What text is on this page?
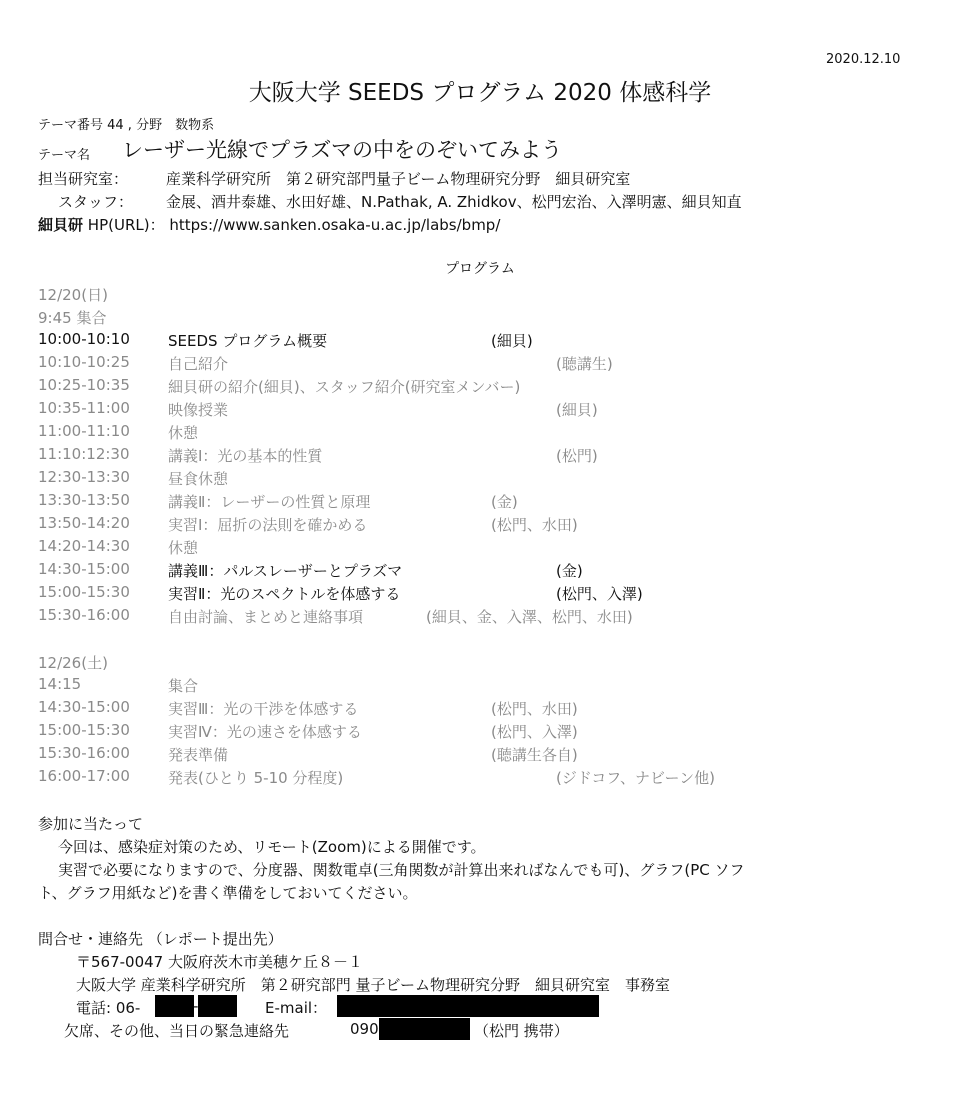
2020.12.10
大阪大学 SEEDS プログラム 2020 体感科学
テーマ番号 44 , 分野　数物系
テーマ名 レーザー光線でプラズマの中をのぞいてみよう
担当研究室：	産業科学研究所　第２研究部門量子ビーム物理研究分野　細貝研究室
スタッフ： 金展、酒井泰雄、水田好雄、N.Pathak, A. Zhidkov、松門宏治、入澤明憲、細貝知直
細貝研 HP(URL)： https://www.sanken.osaka-u.ac.jp/labs/bmp/
プログラム
12/20(日)
9:45 集合
10:00-10:10	SEEDS プログラム概要	(細貝)
10:10-10:25	自己紹介	(聴講生)
10:25-10:35	細貝研の紹介(細貝)、スタッフ紹介(研究室メンバー)
10:35-11:00	映像授業	(細貝)
11:00-11:10	休憩
11:10:12:30	講義Ⅰ：光の基本的性質	(松門)
12:30-13:30	昼食休憩
13:30-13:50	講義Ⅱ：レーザーの性質と原理	(金)
13:50-14:20	実習Ⅰ：屈折の法則を確かめる	(松門、水田)
14:20-14:30	休憩
14:30-15:00	講義Ⅲ：パルスレーザーとプラズマ	(金)
15:00-15:30	実習Ⅱ：光のスペクトルを体感する	(松門、入澤)
15:30-16:00	自由討論、まとめと連絡事項	(細貝、金、入澤、松門、水田)
12/26(土)
14:15	集合
14:30-15:00	実習Ⅲ：光の干渉を体感する	(松門、水田)
15:00-15:30	実習Ⅳ：光の速さを体感する	(松門、入澤)
15:30-16:00	発表準備	(聴講生各自)
16:00-17:00	発表(ひとり 5-10 分程度)	(ジドコフ、ナビーン他)
参加に当たって
今回は、感染症対策のため、リモート(Zoom)による開催です。
実習で必要になりますので、分度器、関数電卓(三角関数が計算出来ればなんでも可)、グラフ(PC ソフ
ト、グラフ用紙など)を書く準備をしておいてください。
問合せ・連絡先 （レポート提出先）
〒567-0047 大阪府茨木市美穂ケ丘８－１
大阪大学 産業科学研究所　第２研究部門 量子ビーム物理研究分野　細貝研究室　事務室
電話: 06-	-	E-mail：
欠席、その他、当日の緊急連絡先	090	（松門 携帯）
